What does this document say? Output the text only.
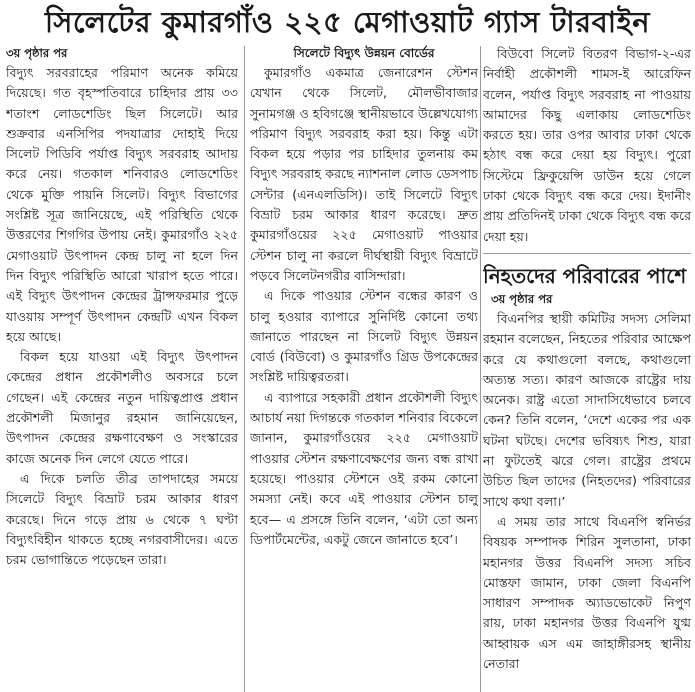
সিলেটের কুমারগাঁও ২২৫ মেগাওয়াট গ্যাস টারবাইন
৩য় পৃষ্ঠার পর

বিদ্যুৎ সরবরাহের পরিমাণ অনেক কমিয়ে দিয়েছে। গত বৃহস্পতিবারে চাহিদার প্রায় ৩৩ শতাংশ লোডশেডিং ছিল সিলেটে। আর শুক্রবার এনসিপির পদযাত্রার দোহাই দিয়ে সিলেট পিডিবি পর্যাপ্ত বিদ্যুৎ সরবরাহ আদায় করে নেয়। গতকাল শনিবারও লোডশেডিং থেকে মুক্তি পায়নি সিলেট। বিদ্যুৎ বিভাগের সংশ্লিষ্ট সূত্র জানিয়েছে, এই পরিস্থিতি থেকে উত্তরণের শিগগির উপায় নেই। কুমারগাঁও ২২৫ মেগাওয়াট উৎপাদন কেন্দ্র চালু না হলে দিন দিন বিদ্যুৎ পরিস্থিতি আরো খারাপ হতে পারে। এই বিদ্যুৎ উৎপাদন কেন্দ্রের ট্রান্সফরমার পুড়ে যাওয়ায় সম্পূর্ণ উৎপাদন কেন্দ্রটি এখন বিকল হয়ে আছে।

বিকল হয়ে যাওয়া এই বিদ্যুৎ উৎপাদন কেন্দ্রের প্রধান প্রকৌশলীও অবসরে চলে গেছেন। এই কেন্দ্রের নতুন দায়িত্বপ্রাপ্ত প্রধান প্রকৌশলী মিজানুর রহমান জানিয়েছেন, উৎপাদন কেন্দ্রের রক্ষণাবেক্ষণ ও সংস্কারের কাজে অনেক দিন লেগে যেতে পারে।

এ দিকে চলতি তীব্র তাপদাহের সময়ে সিলেটে বিদ্যুৎ বিভ্রাট চরম আকার ধারণ করেছে। দিনে গড়ে প্রায় ৬ থেকে ৭ ঘণ্টা বিদ্যুৎবিহীন থাকতে হচ্ছে নগরবাসীদের। এতে চরম ভোগান্তিতে পড়েছেন তারা।

সিলেটে বিদ্যুৎ উন্নয়ন বোর্ডের

কুমারগাঁও একমাত্র জেনারেশন স্টেশন যেখান থেকে সিলেট, মৌলভীবাজার সুনামগঞ্জ ও হবিগঞ্জে স্থানীয়ভাবে উল্লেখযোগ্য পরিমাণ বিদ্যুৎ সরবরাহ করা হয়। কিন্তু এটা বিকল হয়ে পড়ার পর চাহিদার তুলনায় কম বিদ্যুৎ সরবরাহ করছে ন্যাশনাল লোড ডেসপাচ সেন্টার (এনএলডিসি)। তাই সিলেটে বিদ্যুৎ বিভ্রাট চরম আকার ধারণ করেছে। দ্রুত কুমারগাঁওয়ের ২২৫ মেগাওয়াট পাওয়ার স্টেশন চালু না করলে দীর্ঘস্থায়ী বিদ্যুৎ বিভ্রাটে পড়বে সিলেটনগরীর বাসিন্দারা।

এ দিকে পাওয়ার স্টেশন বন্ধের কারণ ও চালু হওয়ার ব্যাপারে সুনির্দিষ্ট কোনো তথ্য জানাতে পারছেন না সিলেট বিদ্যুৎ উন্নয়ন বোর্ড (বিউবো) ও কুমারগাঁও গ্রিড উপকেন্দ্রের সংশ্লিষ্ট দায়িত্বরতরা।

এ ব্যাপারে সহকারী প্রধান প্রকৌশলী বিদ্যুৎ আচার্য নয়া দিগন্তকে গতকাল শনিবার বিকেলে জানান, কুমারগাঁওয়ের ২২৫ মেগাওয়াট পাওয়ার স্টেশন রক্ষণাবেক্ষণের জন্য বন্ধ রাখা হয়েছে। পাওয়ার স্টেশনে ওই রকম কোনো সমস্যা নেই। কবে এই পাওয়ার স্টেশন চালু হবে— এ প্রসঙ্গে তিনি বলেন, ‘এটা তো অন্য ডিপার্টমেন্টের, একটু জেনে জানাতে হবে’।

বিউবো সিলেট বিতরণ বিভাগ-২-এর নির্বাহী প্রকৌশলী শামস-ই আরেফিন বলেন, পর্যাপ্ত বিদ্যুৎ সরবরাহ না পাওয়ায় আমাদের কিছু এলাকায় লোডশেডিং করতে হয়। তার ওপর আবার ঢাকা থেকে হঠাৎ বন্ধ করে দেয়া হয় বিদ্যুৎ। পুরো সিস্টেমে ফ্রিকুয়েন্সি ডাউন হয়ে গেলে ঢাকা থেকে বিদ্যুৎ বন্ধ করে দেয়। ইদানীং প্রায় প্রতিদিনই ঢাকা থেকে বিদ্যুৎ বন্ধ করে দেয়া হয়।

নিহতদের পরিবারের পাশে
৩য় পৃষ্ঠার পর

বিএনপির স্থায়ী কমিটির সদস্য সেলিমা রহমান বলেছেন, নিহতের পরিবার আক্ষেপ করে যে কথাগুলো বলছে, কথাগুলো অত্যন্ত সত্য। কারণ আজকে রাষ্ট্রের দায় অনেক। রাষ্ট্র এতো সাদাসিধেভাবে চলবে কেন? তিনি বলেন, ‘দেশে একের পর এক ঘটনা ঘটছে। দেশের ভবিষ্যৎ শিশু, যারা না ফুটতেই ঝরে গেল। রাষ্ট্রের প্রথমে উচিত ছিল তাদের (নিহতদের) পরিবারের সাথে কথা বলা।’

এ সময় তার সাথে বিএনপি স্বনির্ভর বিষয়ক সম্পাদক শিরিন সুলতানা, ঢাকা মহানগর উত্তর বিএনপি সদস্য সচিব মোস্তফা জামান, ঢাকা জেলা বিএনপি সাধারণ সম্পাদক অ্যাডভোকেট নিপুণ রায়, ঢাকা মহানগর উত্তর বিএনপি যুগ্ম আহ্বায়ক এস এম জাহাঙ্গীরসহ স্থানীয় নেতারা
